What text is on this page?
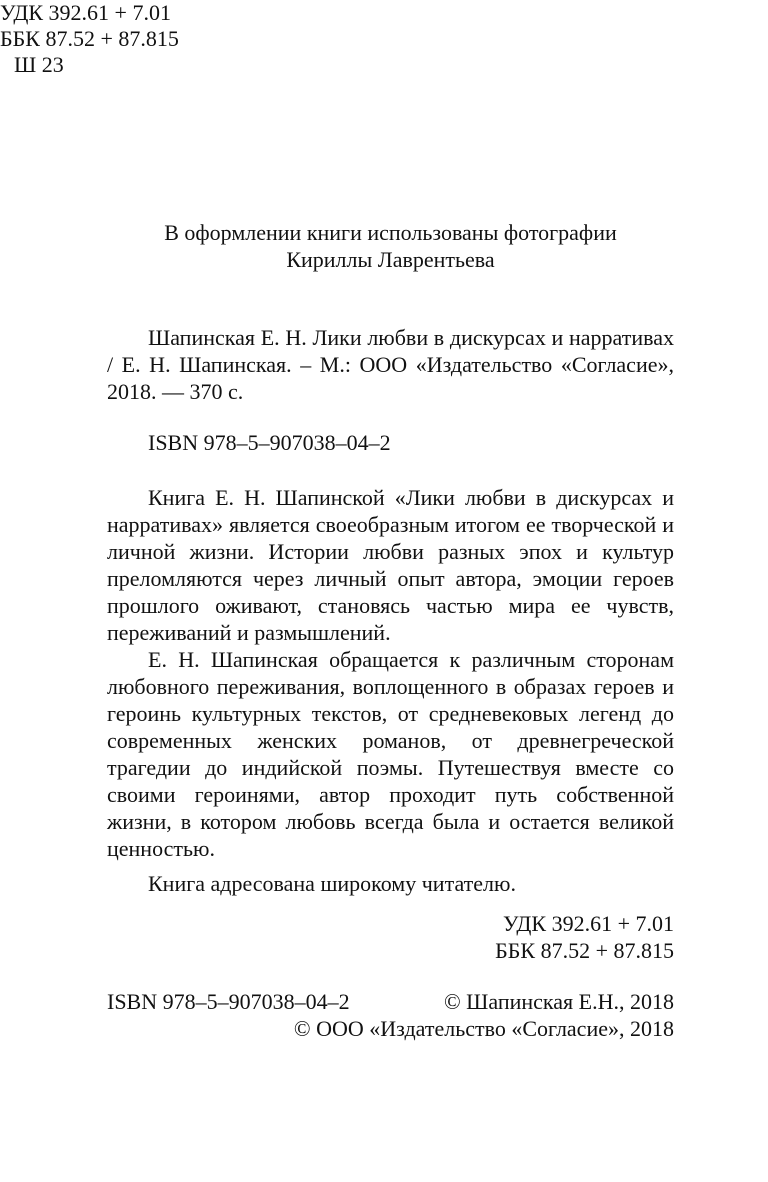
УДК 392.61 + 7.01
ББК 87.52 + 87.815
Ш 23
В оформлении книги использованы фотографии
Кириллы Лаврентьева

Шапинская Е. Н. Лики любви в дискурсах и нарративах / Е. Н. Шапинская. – М.: ООО «Издательство «Согласие», 2018. — 370 с.

ISBN 978–5–907038–04–2

Книга Е. Н. Шапинской «Лики любви в дискурсах и нарративах» является своеобразным итогом ее творческой и личной жизни. Истории любви разных эпох и культур преломляются через личный опыт автора, эмоции героев прошлого оживают, становясь частью мира ее чувств, переживаний и размышлений.

Е. Н. Шапинская обращается к различным сторонам любовного переживания, воплощенного в образах героев и героинь культурных текстов, от средневековых легенд до современных женских романов, от древнегреческой трагедии до индийской поэмы. Путешествуя вместе со своими героинями, автор проходит путь собственной жизни, в котором любовь всегда была и остается великой ценностью.

Книга адресована широкому читателю.

УДК 392.61 + 7.01
ББК 87.52 + 87.815
ISBN 978–5–907038–04–2	© Шапинская Е.Н., 2018
© ООО «Издательство «Согласие», 2018
